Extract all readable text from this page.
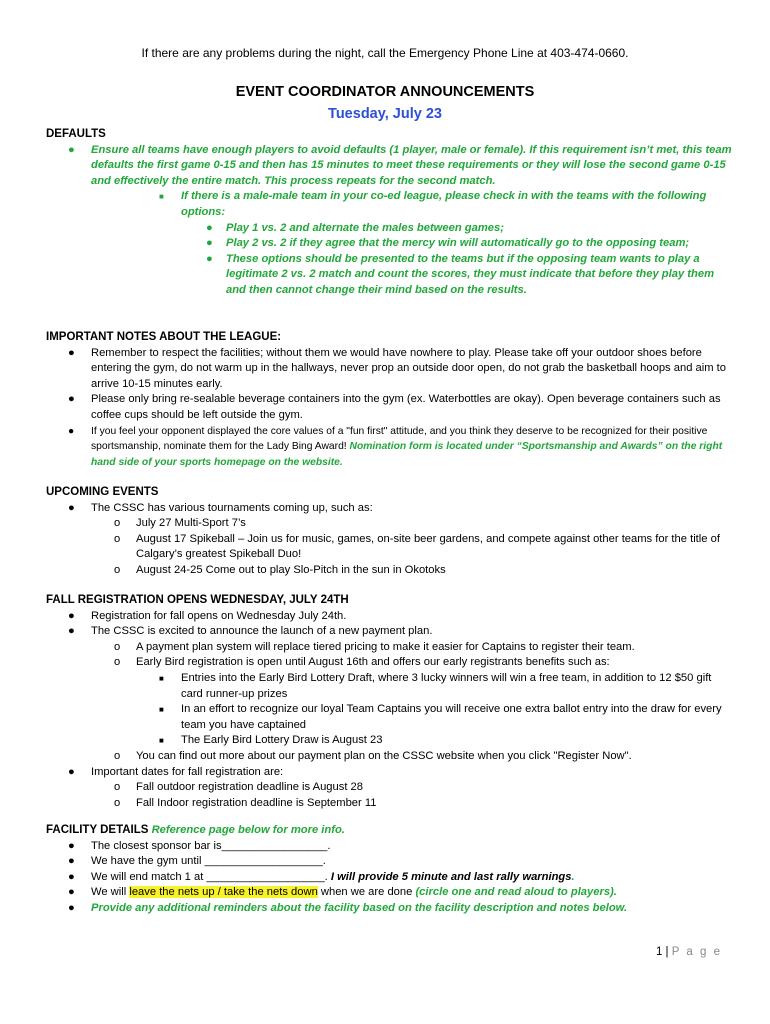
If there are any problems during the night, call the Emergency Phone Line at 403-474-0660.
EVENT COORDINATOR ANNOUNCEMENTS
Tuesday, July 23
DEFAULTS
● Ensure all teams have enough players to avoid defaults (1 player, male or female). If this requirement isn’t met, this team defaults the first game 0-15 and then has 15 minutes to meet these requirements or they will lose the second game 0-15 and effectively the entire match. This process repeats for the second match.
■ If there is a male-male team in your co-ed league, please check in with the teams with the following options:
● Play 1 vs. 2 and alternate the males between games;
● Play 2 vs. 2 if they agree that the mercy win will automatically go to the opposing team;
● These options should be presented to the teams but if the opposing team wants to play a legitimate 2 vs. 2 match and count the scores, they must indicate that before they play them and then cannot change their mind based on the results.
IMPORTANT NOTES ABOUT THE LEAGUE:
● Remember to respect the facilities; without them we would have nowhere to play. Please take off your outdoor shoes before entering the gym, do not warm up in the hallways, never prop an outside door open, do not grab the basketball hoops and aim to arrive 10-15 minutes early.
● Please only bring re-sealable beverage containers into the gym (ex. Waterbottles are okay). Open beverage containers such as coffee cups should be left outside the gym.
● If you feel your opponent displayed the core values of a "fun first" attitude, and you think they deserve to be recognized for their positive sportsmanship, nominate them for the Lady Bing Award! Nomination form is located under “Sportsmanship and Awards” on the right hand side of your sports homepage on the website.
UPCOMING EVENTS
● The CSSC has various tournaments coming up, such as:
o July 27 Multi-Sport 7’s
o August 17 Spikeball – Join us for music, games, on-site beer gardens, and compete against other teams for the title of Calgary’s greatest Spikeball Duo!
o August 24-25 Come out to play Slo-Pitch in the sun in Okotoks
FALL REGISTRATION OPENS WEDNESDAY, JULY 24TH
● Registration for fall opens on Wednesday July 24th.
● The CSSC is excited to announce the launch of a new payment plan.
o A payment plan system will replace tiered pricing to make it easier for Captains to register their team.
o Early Bird registration is open until August 16th and offers our early registrants benefits such as:
■ Entries into the Early Bird Lottery Draft, where 3 lucky winners will win a free team, in addition to 12 $50 gift card runner-up prizes
■ In an effort to recognize our loyal Team Captains you will receive one extra ballot entry into the draw for every team you have captained
■ The Early Bird Lottery Draw is August 23
o You can find out more about our payment plan on the CSSC website when you click "Register Now".
● Important dates for fall registration are:
o Fall outdoor registration deadline is August 28
o Fall Indoor registration deadline is September 11
FACILITY DETAILS Reference page below for more info.
● The closest sponsor bar is_________________.
● We have the gym until ___________________.
● We will end match 1 at ___________________. I will provide 5 minute and last rally warnings.
● We will leave the nets up / take the nets down when we are done (circle one and read aloud to players).
● Provide any additional reminders about the facility based on the facility description and notes below.
1 | P a g e
